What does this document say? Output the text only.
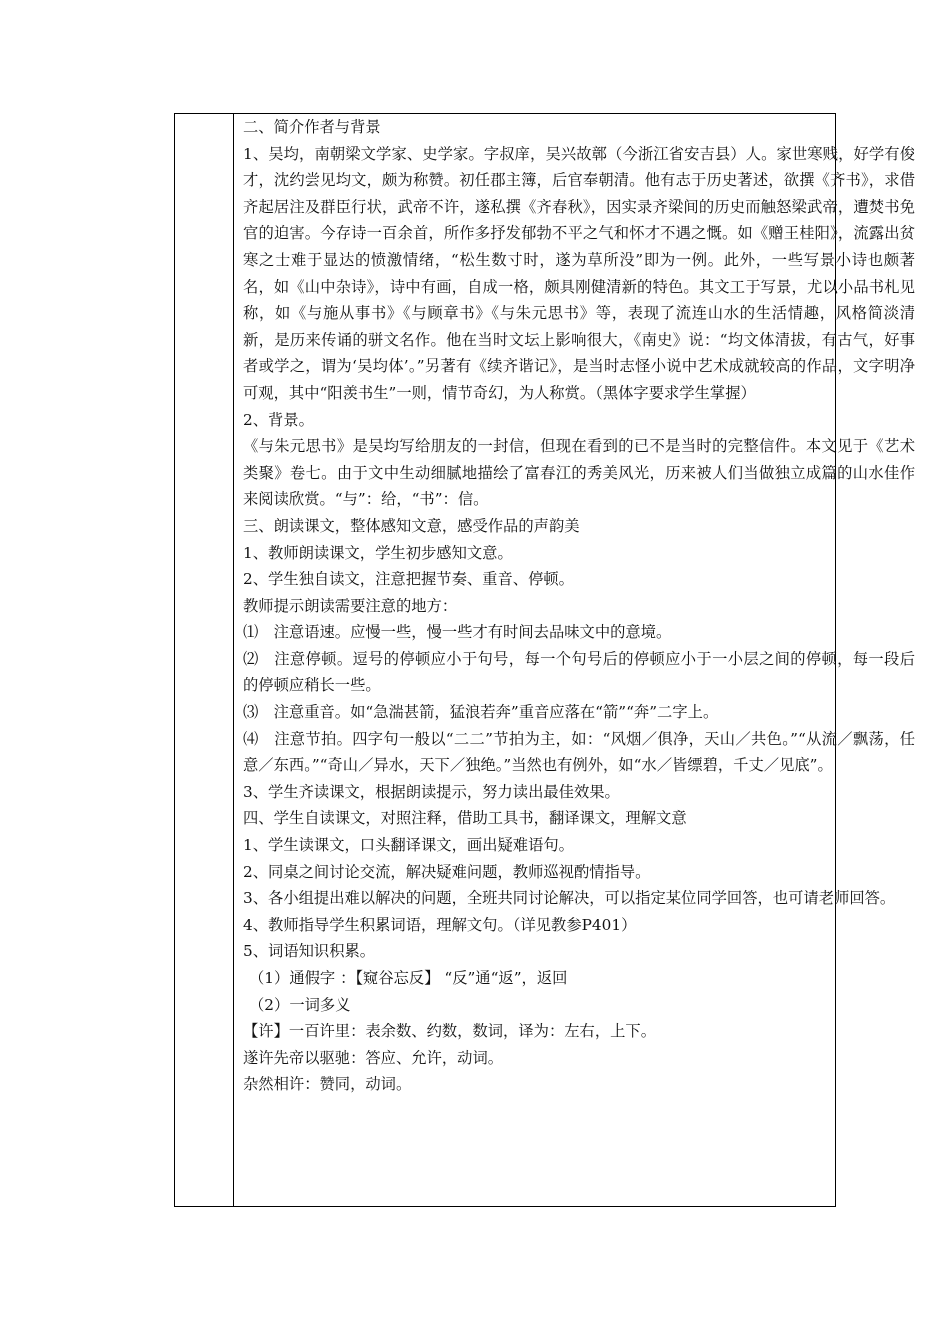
二、简介作者与背景

1、吴均，南朝梁文学家、史学家。字叔庠，吴兴故鄣（今浙江省安吉县）人。家世寒贱，好学有俊才，沈约尝见均文，颇为称赞。初任郡主簿，后官奉朝清。他有志于历史著述，欲撰《齐书》，求借齐起居注及群臣行状，武帝不许，遂私撰《齐春秋》，因实录齐梁间的历史而触怒梁武帝，遭焚书免官的迫害。今存诗一百余首，所作多抒发郁勃不平之气和怀才不遇之慨。如《赠王桂阳》，流露出贫寒之士难于显达的愤激情绪，“松生数寸时，遂为草所没”即为一例。此外，一些写景小诗也颇著名，如《山中杂诗》，诗中有画，自成一格，颇具刚健清新的特色。其文工于写景，尤以小品书札见称，如《与施从事书》《与顾章书》《与朱元思书》等，表现了流连山水的生活情趣，风格简淡清新，是历来传诵的骈文名作。他在当时文坛上影响很大，《南史》说：“均文体清拔，有古气，好事者或学之，谓为‘吴均体’。”另著有《续齐谐记》，是当时志怪小说中艺术成就较高的作品，文字明净可观，其中“阳羡书生”一则，情节奇幻，为人称赏。（黑体字要求学生掌握）

2、背景。

《与朱元思书》是吴均写给朋友的一封信，但现在看到的已不是当时的完整信件。本文见于《艺术类聚》卷七。由于文中生动细腻地描绘了富春江的秀美风光，历来被人们当做独立成篇的山水佳作来阅读欣赏。“与”：给，“书”：信。

三、朗读课文，整体感知文意，感受作品的声韵美

1、教师朗读课文，学生初步感知文意。

2、学生独自读文，注意把握节奏、重音、停顿。

教师提示朗读需要注意的地方：

⑴　注意语速。应慢一些，慢一些才有时间去品味文中的意境。

⑵　注意停顿。逗号的停顿应小于句号，每一个句号后的停顿应小于一小层之间的停顿，每一段后的停顿应稍长一些。

⑶　注意重音。如“急湍甚箭，猛浪若奔”重音应落在“箭”“奔”二字上。

⑷　注意节拍。四字句一般以“二二”节拍为主，如：“风烟／俱净，天山／共色。”“从流／飘荡，任意／东西。”“奇山／异水，天下／独绝。”当然也有例外，如“水／皆缥碧，千丈／见底”。

3、学生齐读课文，根据朗读提示，努力读出最佳效果。

四、学生自读课文，对照注释，借助工具书，翻译课文，理解文意

1、学生读课文，口头翻译课文，画出疑难语句。

2、同桌之间讨论交流，解决疑难问题，教师巡视酌情指导。

3、各小组提出难以解决的问题，全班共同讨论解决，可以指定某位同学回答，也可请老师回答。

4、教师指导学生积累词语，理解文句。（详见教参P401）

5、词语知识积累。

（1）通假字 ：【窥谷忘反】 “反”通“返”，返回

（2）一词多义

【许】一百许里：表余数、约数，数词，译为：左右，上下。

遂许先帝以驱驰：答应、允许，动词。

杂然相许：赞同，动词。
